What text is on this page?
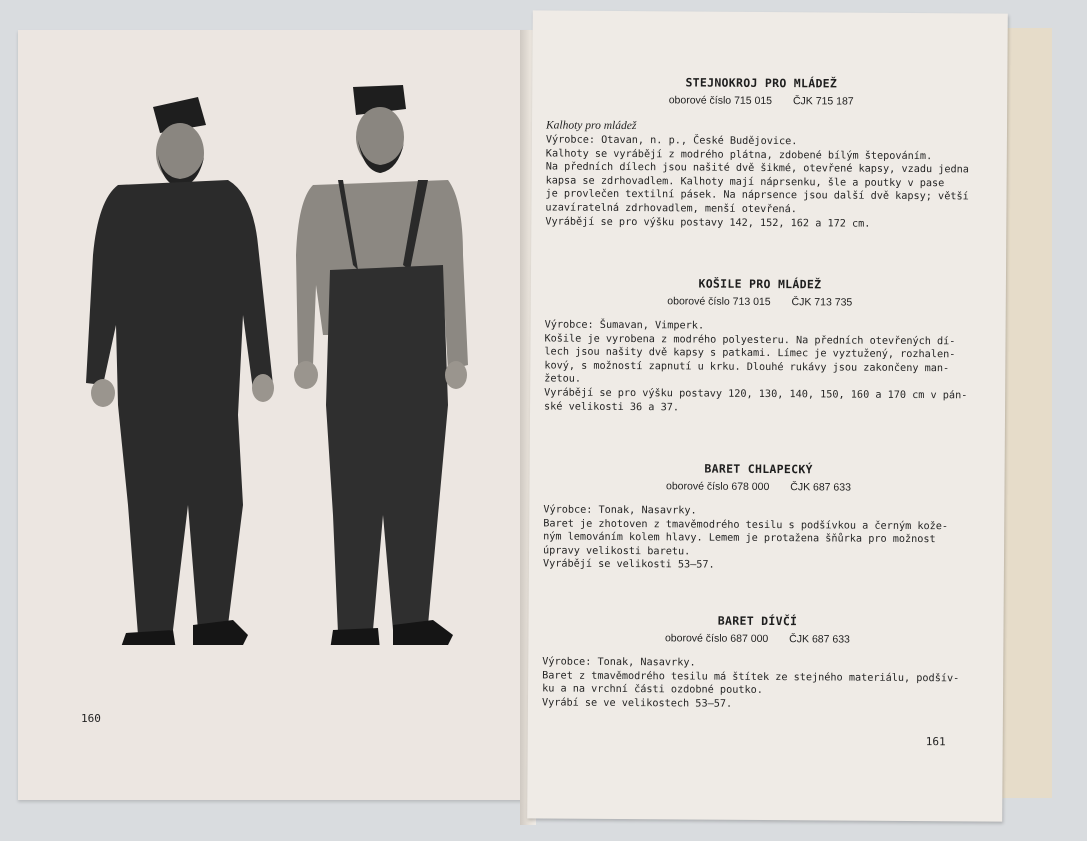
160
STEJNOKROJ PRO MLÁDEŽ
oborové číslo 715 015 ČJK 715 187
Kalhoty pro mládež

Výrobce: Otavan, n. p., České Budějovice.

Kalhoty se vyrábějí z modrého plátna, zdobené bílým štepováním.

Na předních dílech jsou našité dvě šikmé, otevřené kapsy, vzadu jedna

kapsa se zdrhovadlem. Kalhoty mají náprsenku, šle a poutky v pase

je provlečen textilní pásek. Na náprsence jsou další dvě kapsy; větší

uzavíratelná zdrhovadlem, menší otevřená.

Vyrábějí se pro výšku postavy 142, 152, 162 a 172 cm.

KOŠILE PRO MLÁDEŽ
oborové číslo 713 015 ČJK 713 735

Výrobce: Šumavan, Vimperk.

Košile je vyrobena z modrého polyesteru. Na předních otevřených dí-

lech jsou našity dvě kapsy s patkami. Límec je vyztužený, rozhalen-

kový, s možností zapnutí u krku. Dlouhé rukávy jsou zakončeny man-

žetou.

Vyrábějí se pro výšku postavy 120, 130, 140, 150, 160 a 170 cm v pán-

ské velikosti 36 a 37.

BARET CHLAPECKÝ
oborové číslo 678 000 ČJK 687 633

Výrobce: Tonak, Nasavrky.

Baret je zhotoven z tmavěmodrého tesilu s podšívkou a černým kože-

ným lemováním kolem hlavy. Lemem je protažena šňůrka pro možnost

úpravy velikosti baretu.

Vyrábějí se velikosti 53—57.

BARET DÍVČÍ
oborové číslo 687 000 ČJK 687 633

Výrobce: Tonak, Nasavrky.

Baret z tmavěmodrého tesilu má štítek ze stejného materiálu, podšív-

ku a na vrchní části ozdobné poutko.

Vyrábí se ve velikostech 53—57.

161
